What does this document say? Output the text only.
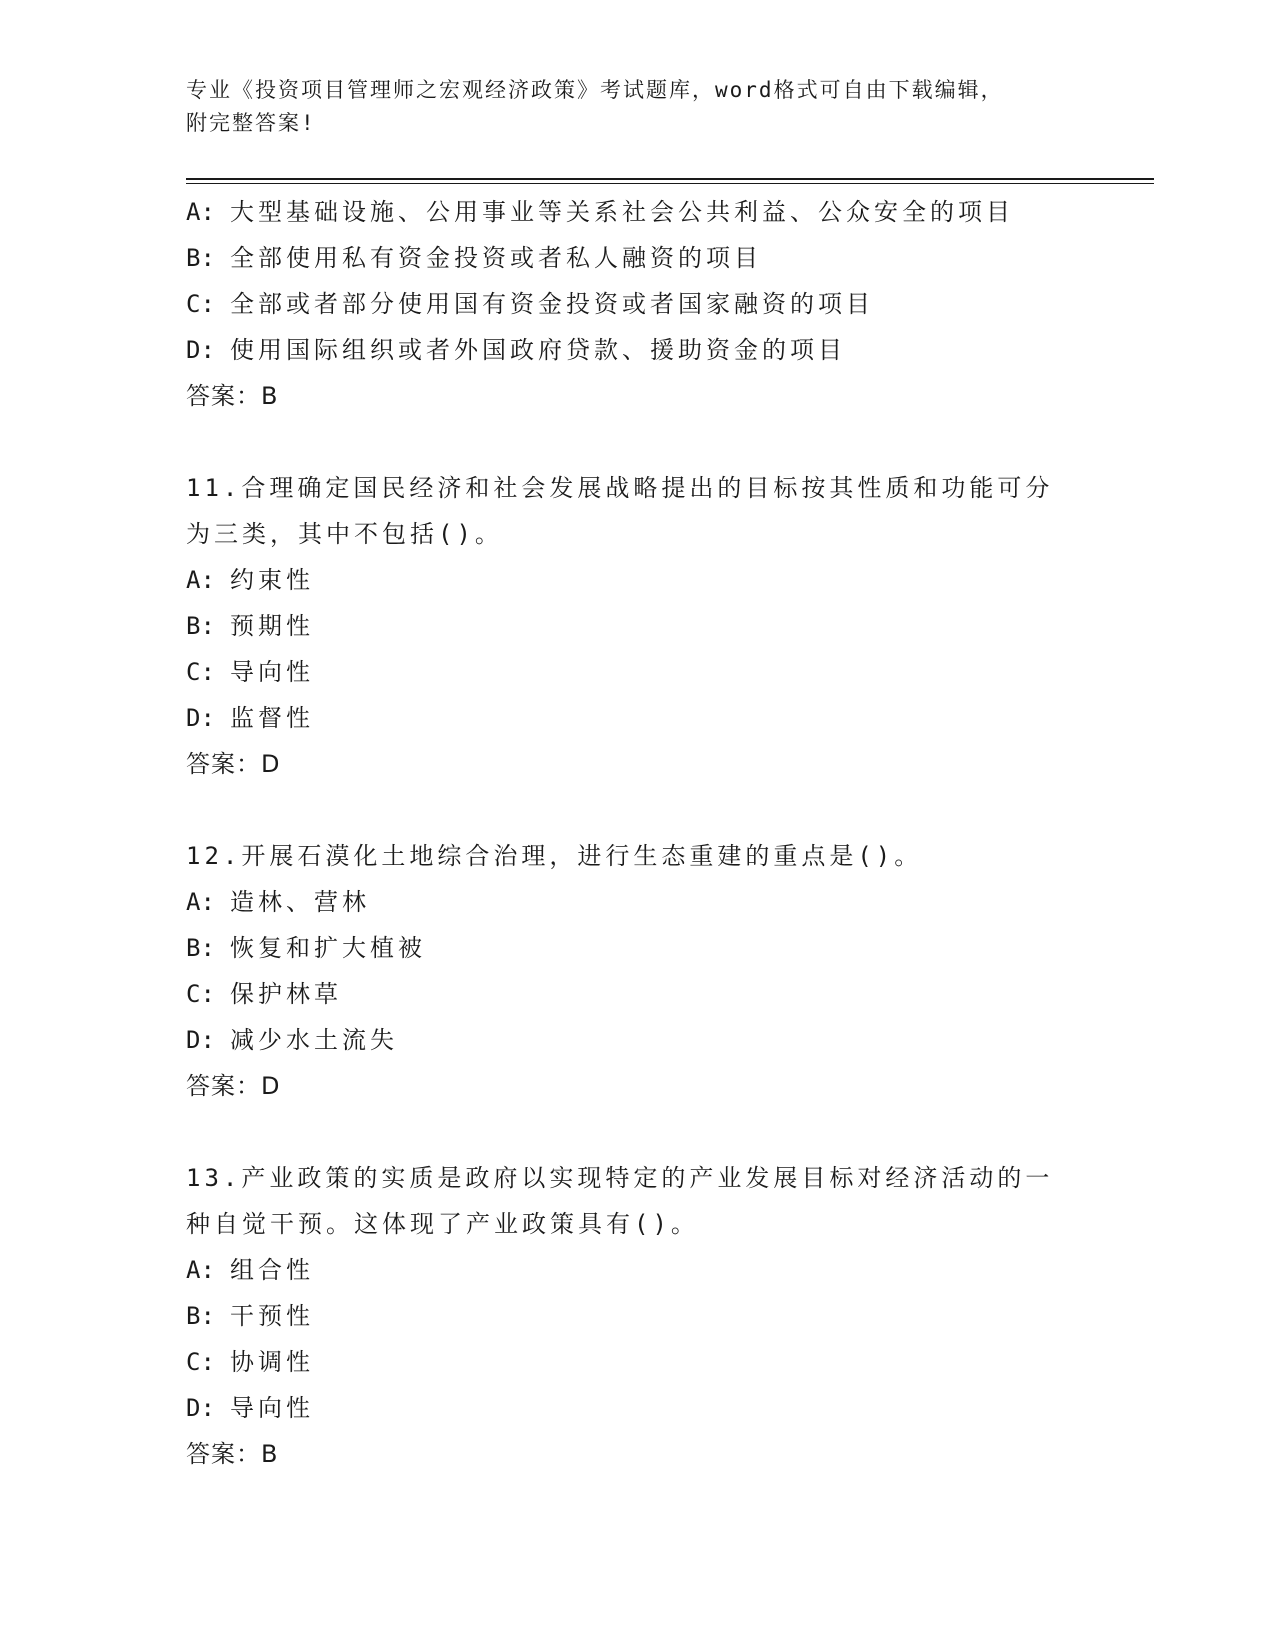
专业《投资项目管理师之宏观经济政策》考试题库，word格式可自由下载编辑，
附完整答案!
A: 大型基础设施、公用事业等关系社会公共利益、公众安全的项目
B: 全部使用私有资金投资或者私人融资的项目
C: 全部或者部分使用国有资金投资或者国家融资的项目
D: 使用国际组织或者外国政府贷款、援助资金的项目
答案：B
11.合理确定国民经济和社会发展战略提出的目标按其性质和功能可分
为三类，其中不包括()。
A: 约束性
B: 预期性
C: 导向性
D: 监督性
答案：D
12.开展石漠化土地综合治理，进行生态重建的重点是()。
A: 造林、营林
B: 恢复和扩大植被
C: 保护林草
D: 减少水土流失
答案：D
13.产业政策的实质是政府以实现特定的产业发展目标对经济活动的一
种自觉干预。这体现了产业政策具有()。
A: 组合性
B: 干预性
C: 协调性
D: 导向性
答案：B
